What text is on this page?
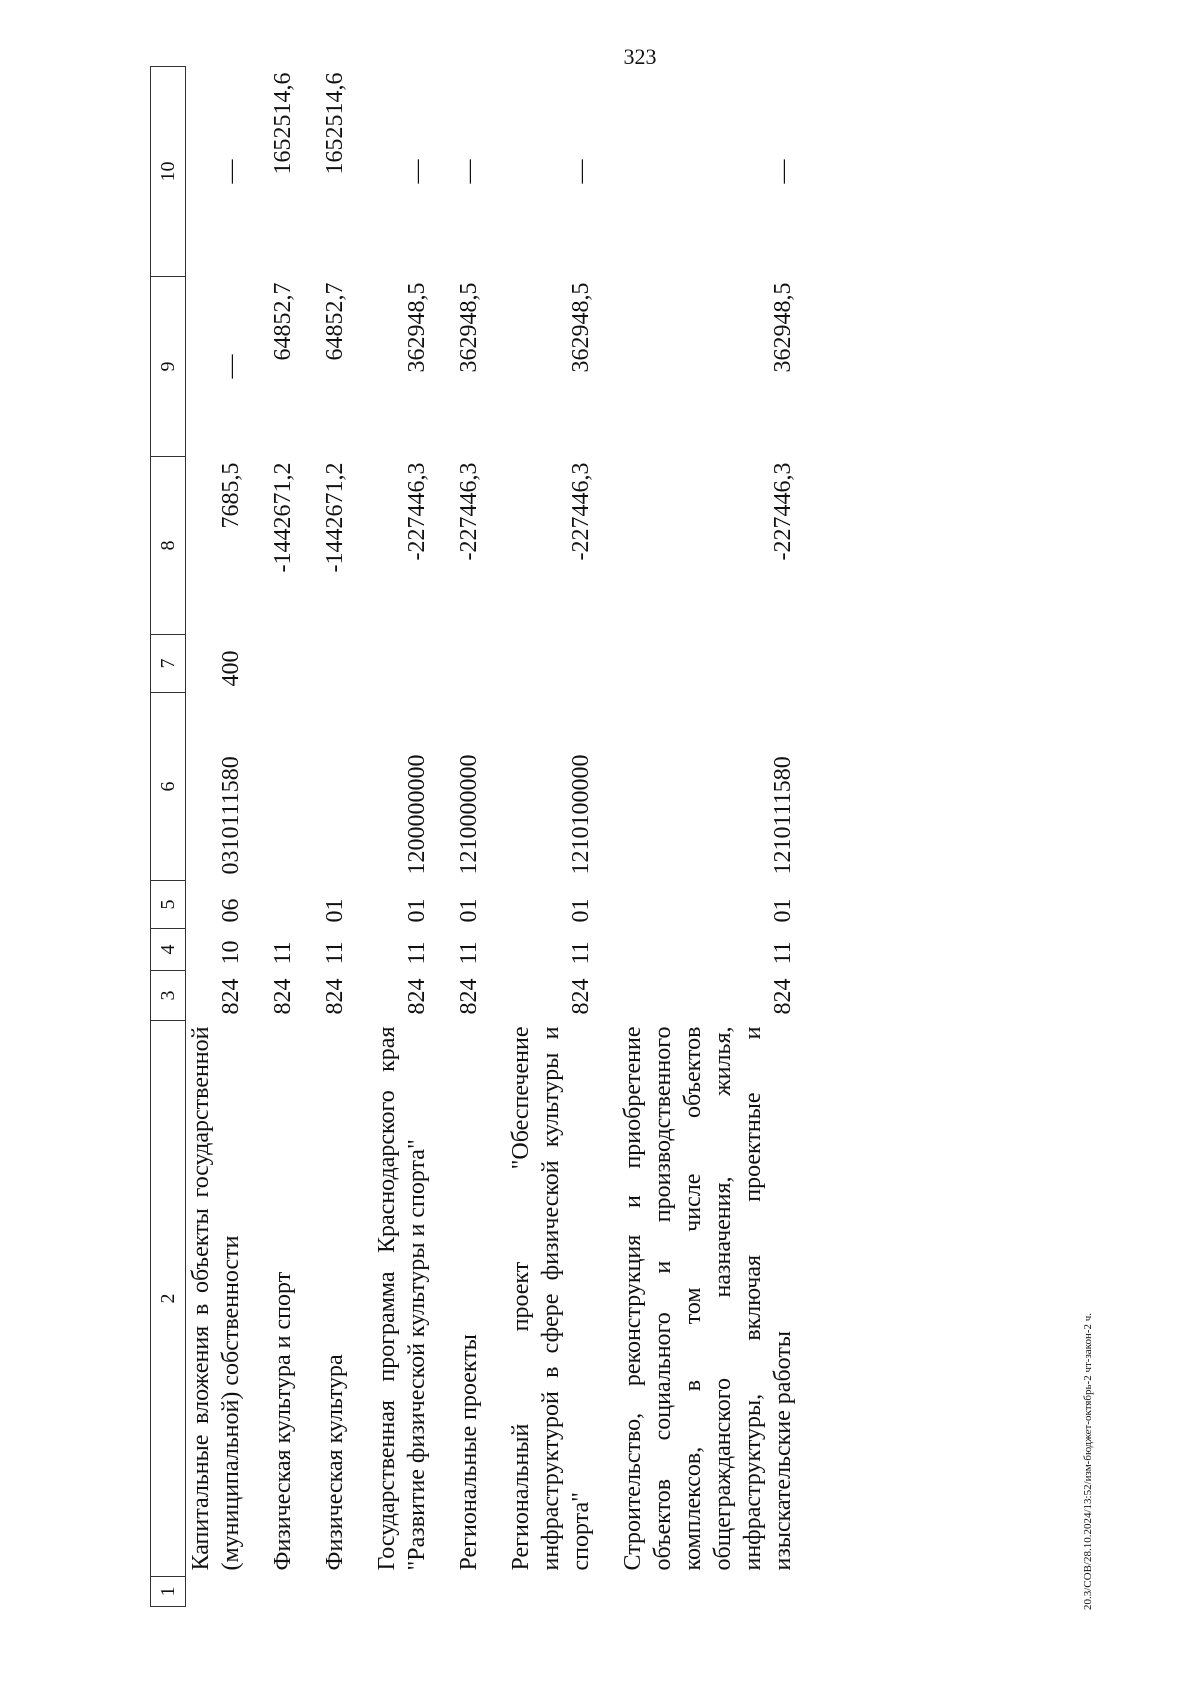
323
1	2	3	4	5	6	7	8	9	10
	Капитальные вложения в объекты государственной (муниципальной) собственности	824	10	06	0310111580	400	7685,5	—	—

	Физическая культура и спорт	824	11				-1442671,2	64852,7	1652514,6

	Физическая культура	824	11	01			-1442671,2	64852,7	1652514,6

	Государственная программа Краснодарского края "Развитие физической культуры и спорта"	824	11	01	1200000000		-227446,3	362948,5	—

	Региональные проекты	824	11	01	1210000000		-227446,3	362948,5	—

	Региональный проект "Обеспечение инфраструктурой в сфере физической культуры и спорта"	824	11	01	1210100000		-227446,3	362948,5	—

	Строительство, реконструкция и приобретение объектов социального и производственного комплексов, в том числе объектов общегражданского назначения, жилья, инфраструктуры, включая проектные и изыскательские работы	824	11	01	1210111580		-227446,3	362948,5	—
20.3/СОВ/28.10.2024/13:52/изм-бюджет-октябрь-2 чт-закон-2 ч.
